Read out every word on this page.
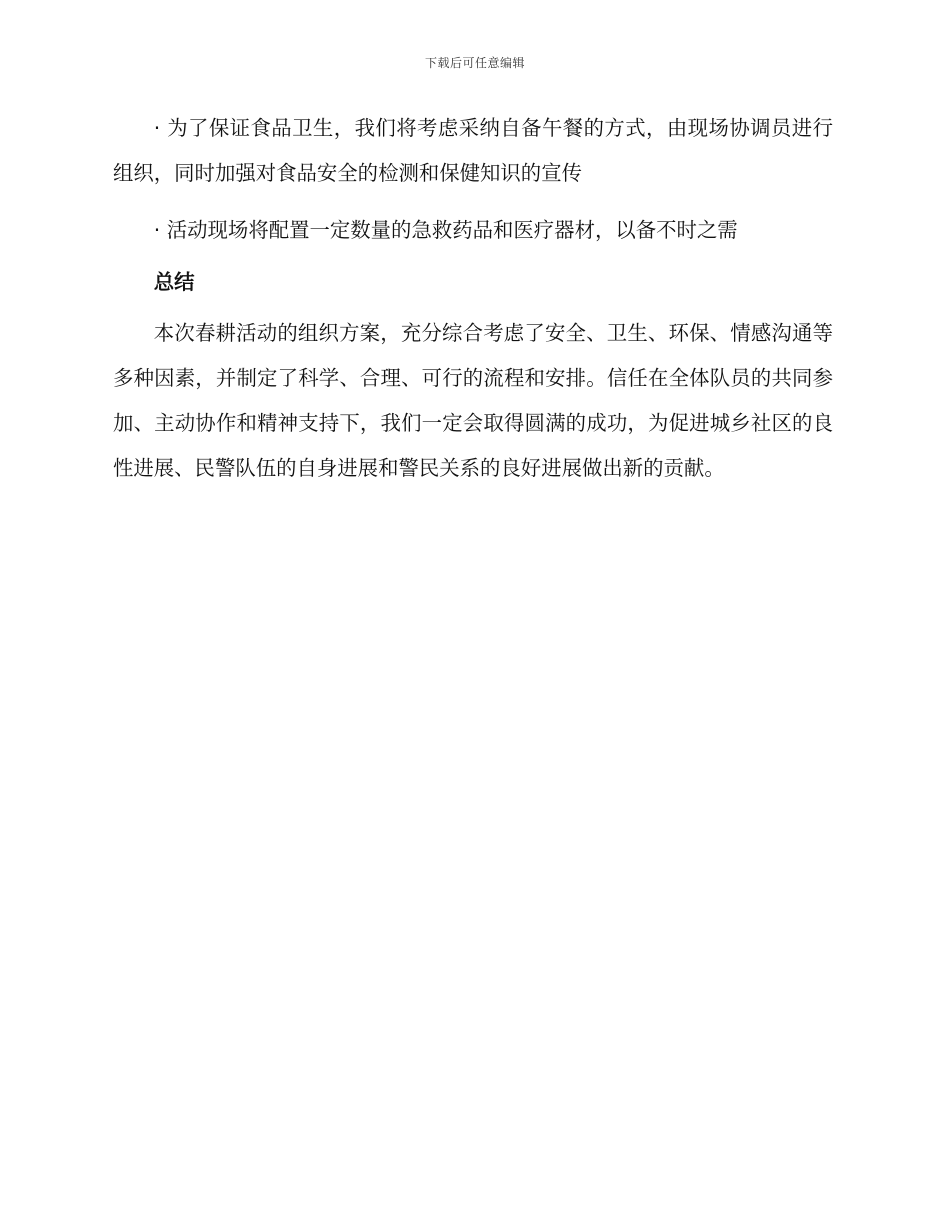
下载后可任意编辑

· 为了保证食品卫生，我们将考虑采纳自备午餐的方式，由现场协调员进行组织，同时加强对食品安全的检测和保健知识的宣传

· 活动现场将配置一定数量的急救药品和医疗器材，以备不时之需

总结

本次春耕活动的组织方案，充分综合考虑了安全、卫生、环保、情感沟通等多种因素，并制定了科学、合理、可行的流程和安排。信任在全体队员的共同参加、主动协作和精神支持下，我们一定会取得圆满的成功，为促进城乡社区的良性进展、民警队伍的自身进展和警民关系的良好进展做出新的贡献。
